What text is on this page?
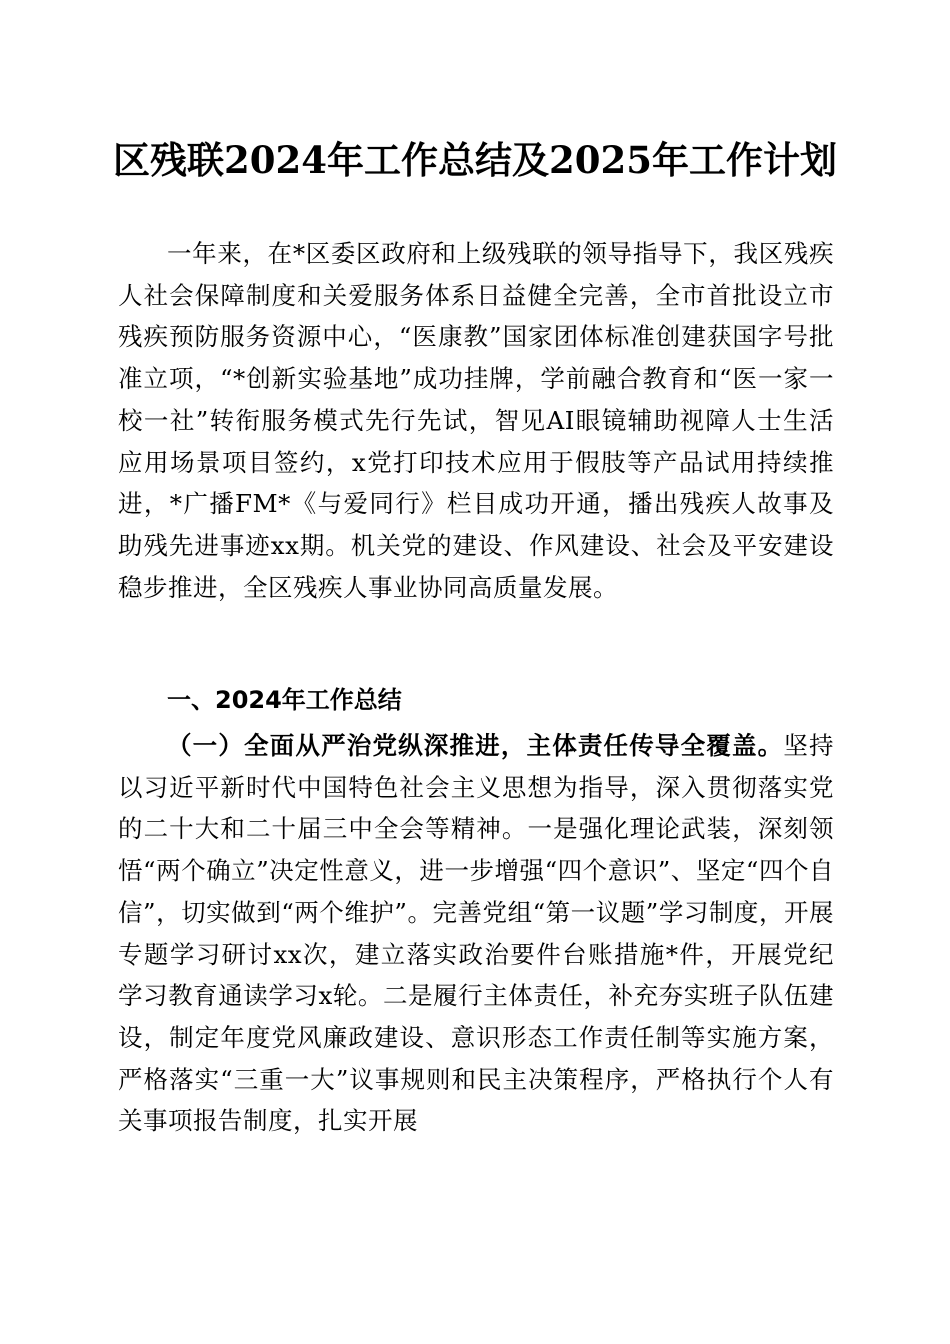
区残联2024年工作总结及2025年工作计划

一年来，在*区委区政府和上级残联的领导指导下，我区残疾人社会保障制度和关爱服务体系日益健全完善，全市首批设立市残疾预防服务资源中心，“医康教”国家团体标准创建获国字号批准立项，“*创新实验基地”成功挂牌，学前融合教育和“医一家一校一社”转衔服务模式先行先试，智见AI眼镜辅助视障人士生活应用场景项目签约，x党打印技术应用于假肢等产品试用持续推进，*广播FM*《与爱同行》栏目成功开通，播出残疾人故事及助残先进事迹xx期。机关党的建设、作风建设、社会及平安建设稳步推进，全区残疾人事业协同高质量发展。

一、2024年工作总结

（一）全面从严治党纵深推进，主体责任传导全覆盖。坚持以习近平新时代中国特色社会主义思想为指导，深入贯彻落实党的二十大和二十届三中全会等精神。一是强化理论武装，深刻领悟“两个确立”决定性意义，进一步增强“四个意识”、坚定“四个自信”，切实做到“两个维护”。完善党组“第一议题”学习制度，开展专题学习研讨xx次，建立落实政治要件台账措施*件，开展党纪学习教育通读学习x轮。二是履行主体责任，补充夯实班子队伍建设，制定年度党风廉政建设、意识形态工作责任制等实施方案，严格落实“三重一大”议事规则和民主决策程序，严格执行个人有关事项报告制度，扎实开展
